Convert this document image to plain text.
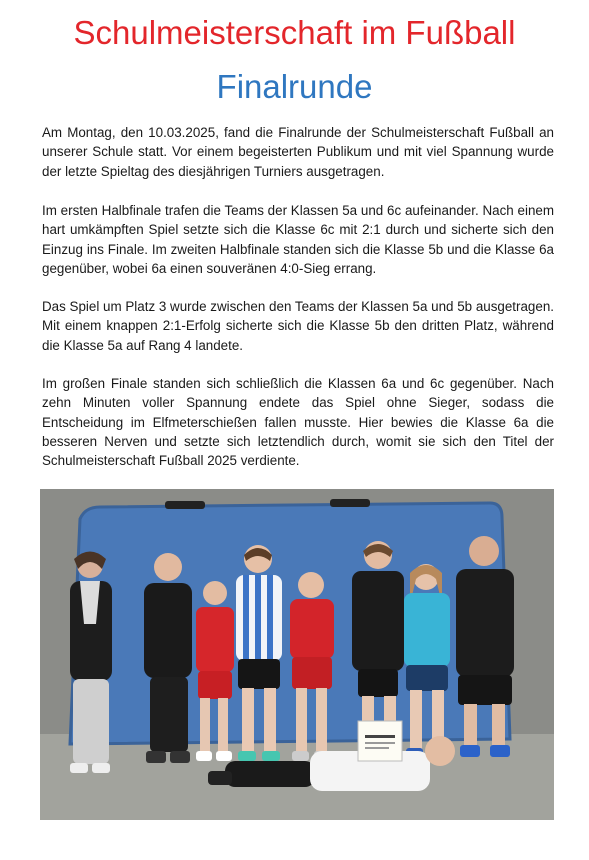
Schulmeisterschaft im Fußball
Finalrunde

Am Montag, den 10.03.2025, fand die Finalrunde der Schulmeisterschaft Fußball an unserer Schule statt. Vor einem begeisterten Publikum und mit viel Spannung wurde der letzte Spieltag des diesjährigen Turniers ausgetragen.

Im ersten Halbfinale trafen die Teams der Klassen 5a und 6c aufeinander. Nach einem hart umkämpften Spiel setzte sich die Klasse 6c mit 2:1 durch und sicherte sich den Einzug ins Finale. Im zweiten Halbfinale standen sich die Klasse 5b und die Klasse 6a gegenüber, wobei 6a einen souveränen 4:0-Sieg errang.

Das Spiel um Platz 3 wurde zwischen den Teams der Klassen 5a und 5b ausgetragen. Mit einem knappen 2:1-Erfolg sicherte sich die Klasse 5b den dritten Platz, während die Klasse 5a auf Rang 4 landete.

Im großen Finale standen sich schließlich die Klassen 6a und 6c gegenüber. Nach zehn Minuten voller Spannung endete das Spiel ohne Sieger, sodass die Entscheidung im Elfmeterschießen fallen musste. Hier bewies die Klasse 6a die besseren Nerven und setzte sich letztendlich durch, womit sie sich den Titel der Schulmeisterschaft Fußball 2025 verdiente.
